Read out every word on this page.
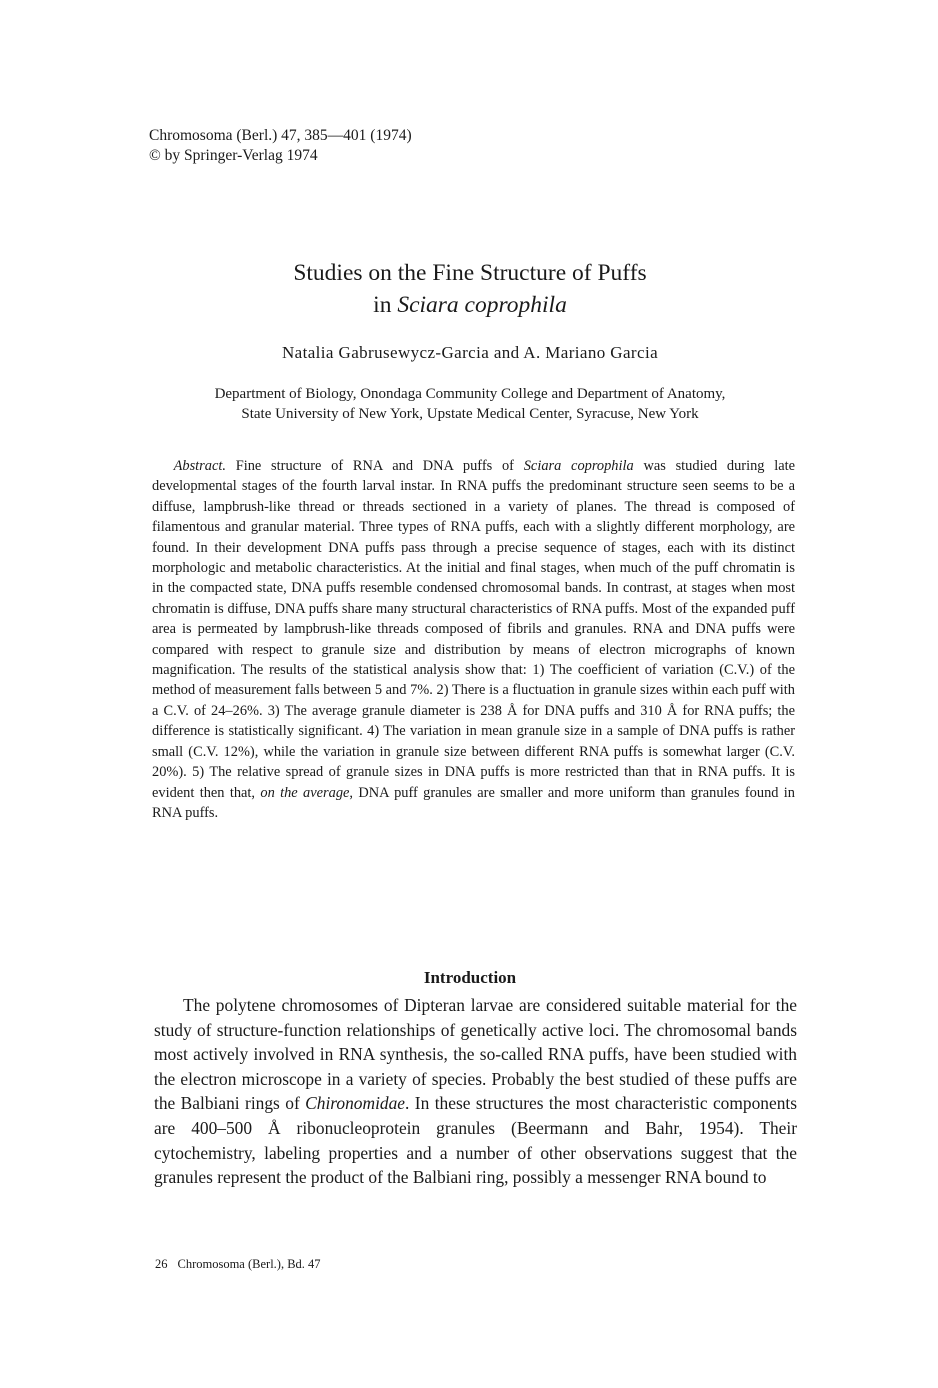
Chromosoma (Berl.) 47, 385—401 (1974)
© by Springer-Verlag 1974
Studies on the Fine Structure of Puffs
in Sciara coprophila
Natalia Gabrusewycz-Garcia and A. Mariano Garcia
Department of Biology, Onondaga Community College and Department of Anatomy,
State University of New York, Upstate Medical Center, Syracuse, New York
  Abstract. Fine structure of RNA and DNA puffs of Sciara coprophila was studied during late developmental stages of the fourth larval instar. In RNA puffs the predominant structure seen seems to be a diffuse, lampbrush-like thread or threads sectioned in a variety of planes. The thread is composed of filamentous and granular material. Three types of RNA puffs, each with a slightly different morphology, are found. In their development DNA puffs pass through a precise sequence of stages, each with its distinct morphologic and metabolic characteristics. At the initial and final stages, when much of the puff chromatin is in the compacted state, DNA puffs resemble condensed chromosomal bands. In contrast, at stages when most chromatin is diffuse, DNA puffs share many structural characteristics of RNA puffs. Most of the expanded puff area is permeated by lampbrush-like threads composed of fibrils and granules. RNA and DNA puffs were compared with respect to granule size and distribution by means of electron micrographs of known magnification. The results of the statistical analysis show that: 1) The coefficient of variation (C.V.) of the method of measurement falls between 5 and 7%. 2) There is a fluctuation in granule sizes within each puff with a C.V. of 24–26%. 3) The average granule diameter is 238 Å for DNA puffs and 310 Å for RNA puffs; the difference is statistically significant. 4) The variation in mean granule size in a sample of DNA puffs is rather small (C.V. 12%), while the variation in granule size between different RNA puffs is somewhat larger (C.V. 20%). 5) The relative spread of granule sizes in DNA puffs is more restricted than that in RNA puffs. It is evident then that, on the average, DNA puff granules are smaller and more uniform than granules found in RNA puffs.
Introduction

The polytene chromosomes of Dipteran larvae are considered suitable material for the study of structure-function relationships of genetically active loci. The chromosomal bands most actively involved in RNA synthesis, the so-called RNA puffs, have been studied with the electron microscope in a variety of species. Probably the best studied of these puffs are the Balbiani rings of Chironomidae. In these structures the most characteristic components are 400–500 Å ribonucleoprotein granules (Beermann and Bahr, 1954). Their cytochemistry, labeling properties and a number of other observations suggest that the granules represent the product of the Balbiani ring, possibly a messenger RNA bound to

26 Chromosoma (Berl.), Bd. 47
